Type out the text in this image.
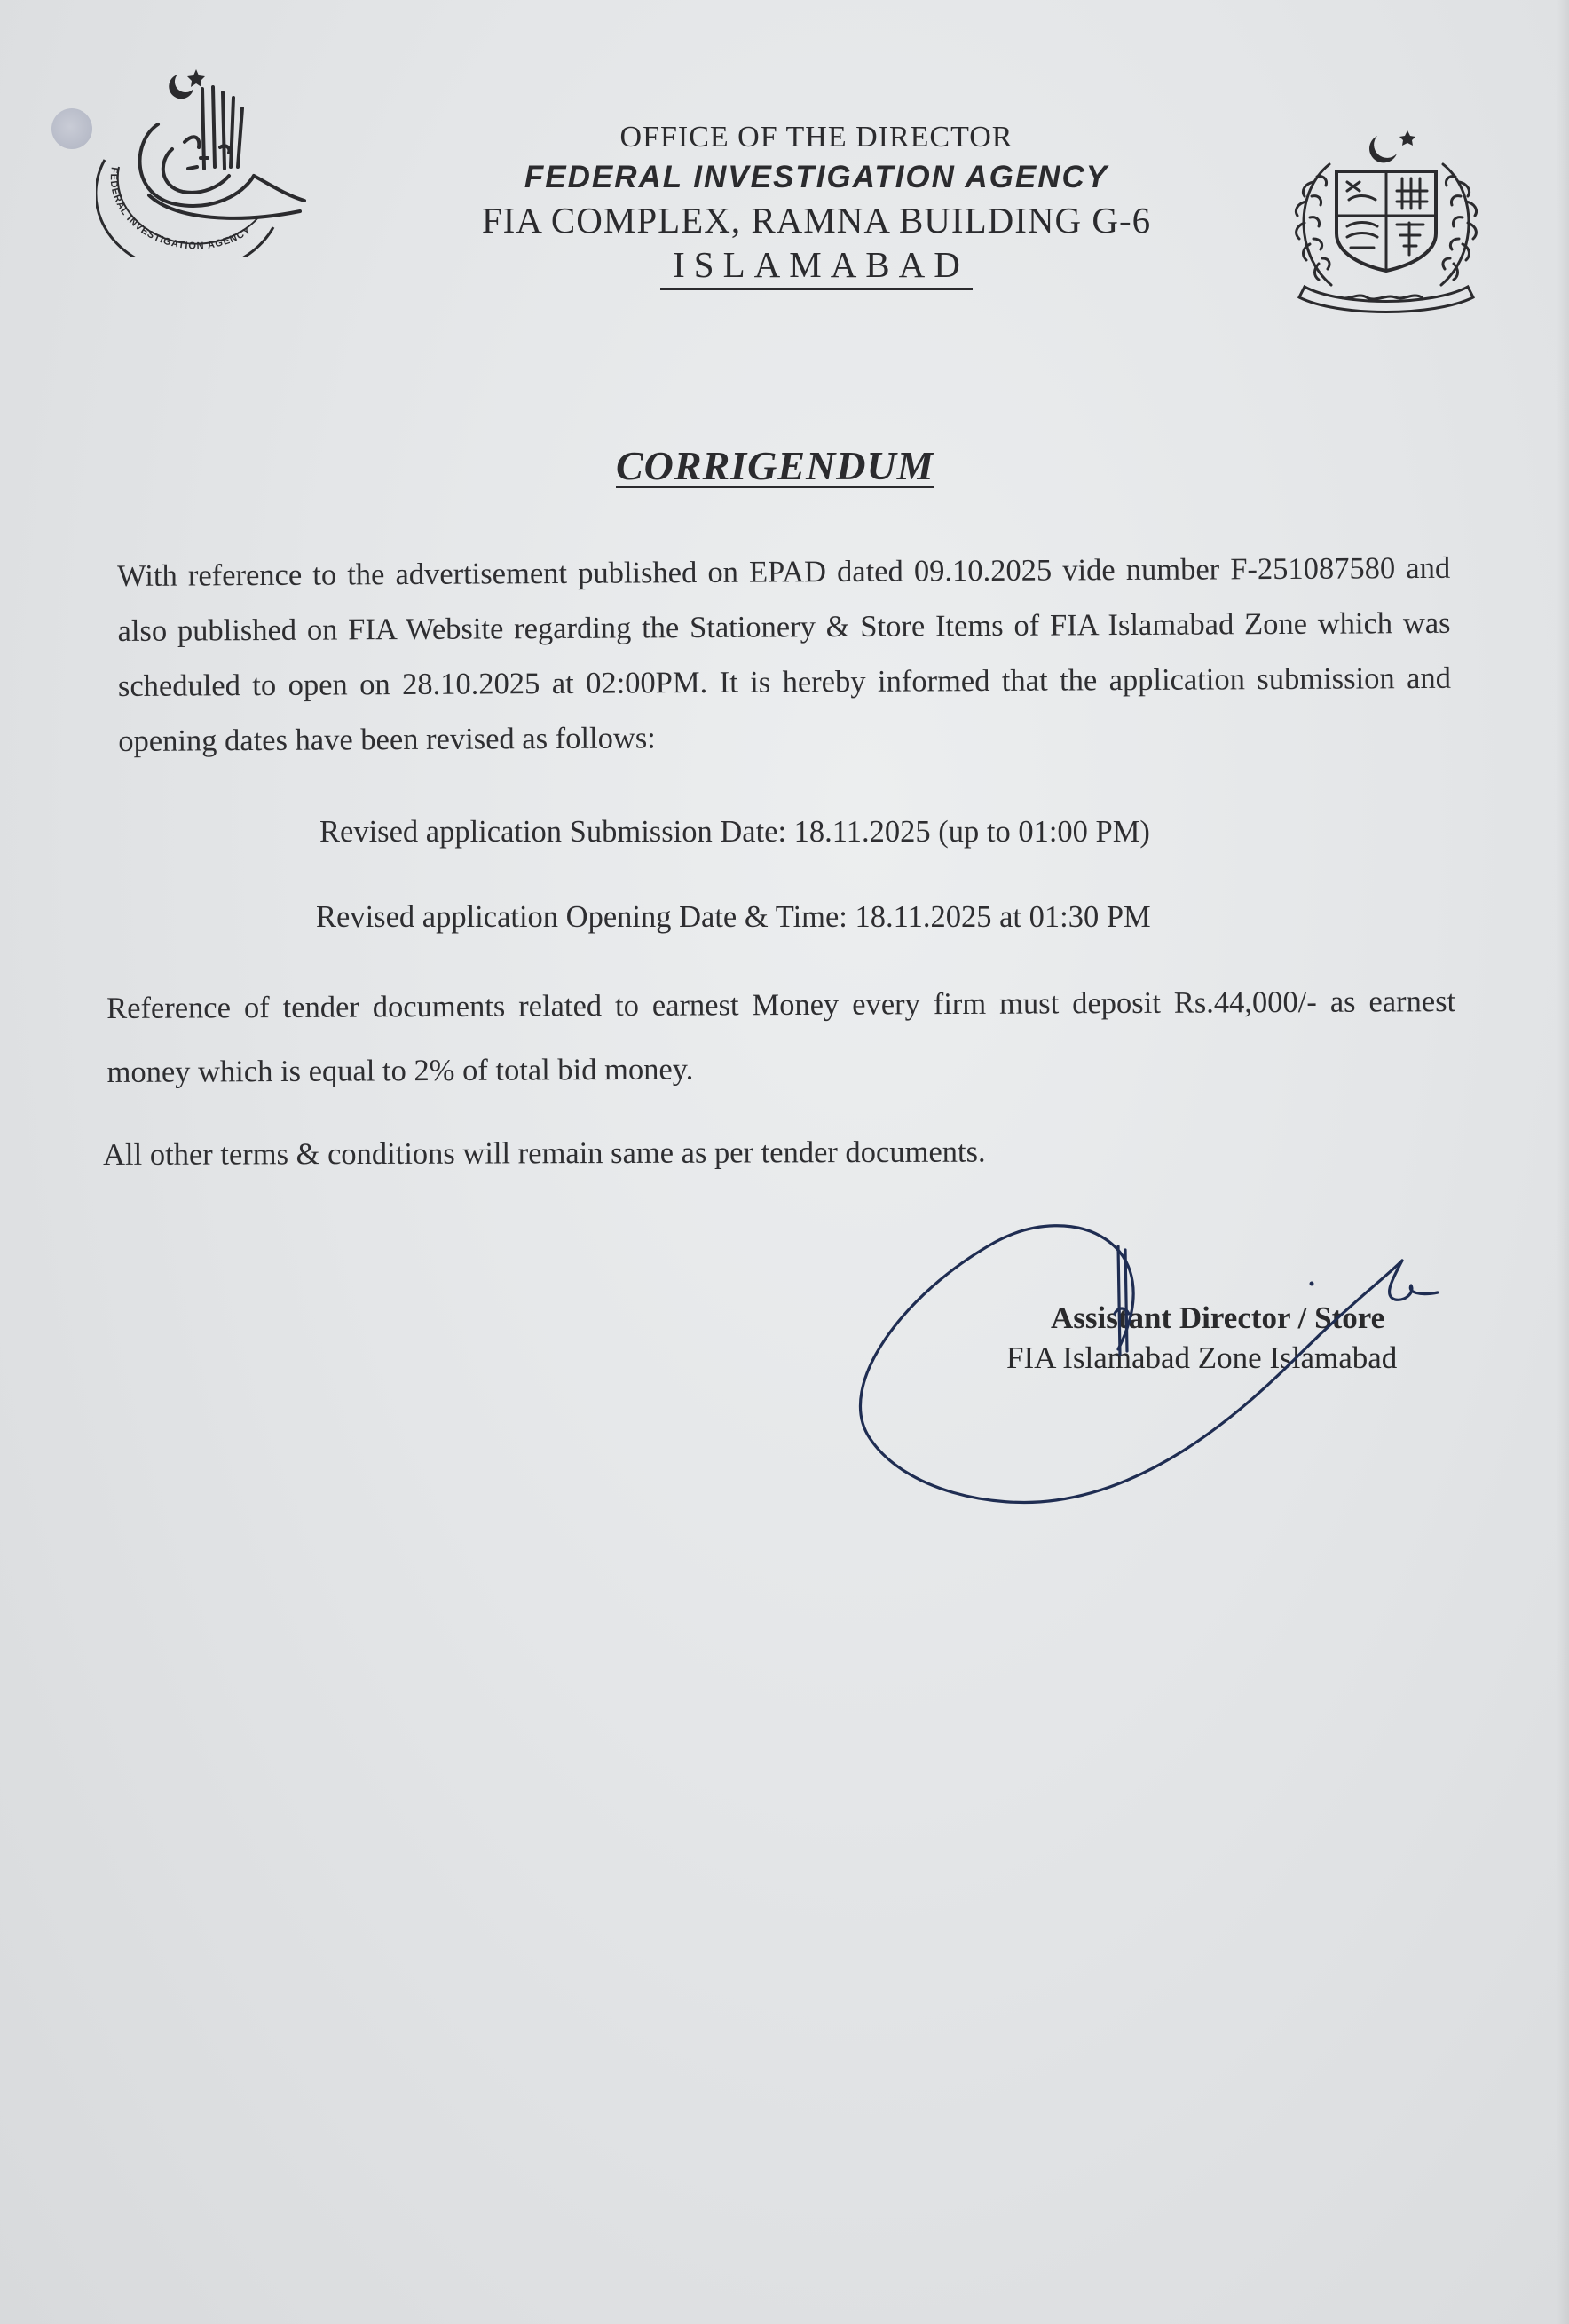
FEDERAL INVESTIGATION AGENCY
OFFICE OF THE DIRECTOR
FEDERAL INVESTIGATION AGENCY
FIA COMPLEX, RAMNA BUILDING G-6
ISLAMABAD
CORRIGENDUM
With reference to the advertisement published on EPAD dated 09.10.2025 vide number F-251087580 and also published on FIA Website regarding the Stationery & Store Items of FIA Islamabad Zone which was scheduled to open on 28.10.2025 at 02:00PM. It is hereby informed that the application submission and opening dates have been revised as follows:
Revised application Submission Date: 18.11.2025 (up to 01:00 PM)
Revised application Opening Date & Time: 18.11.2025 at 01:30 PM
Reference of tender documents related to earnest Money every firm must deposit Rs.44,000/- as earnest money which is equal to 2% of total bid money.
All other terms & conditions will remain same as per tender documents.
Assistant Director / Store
FIA Islamabad Zone Islamabad
